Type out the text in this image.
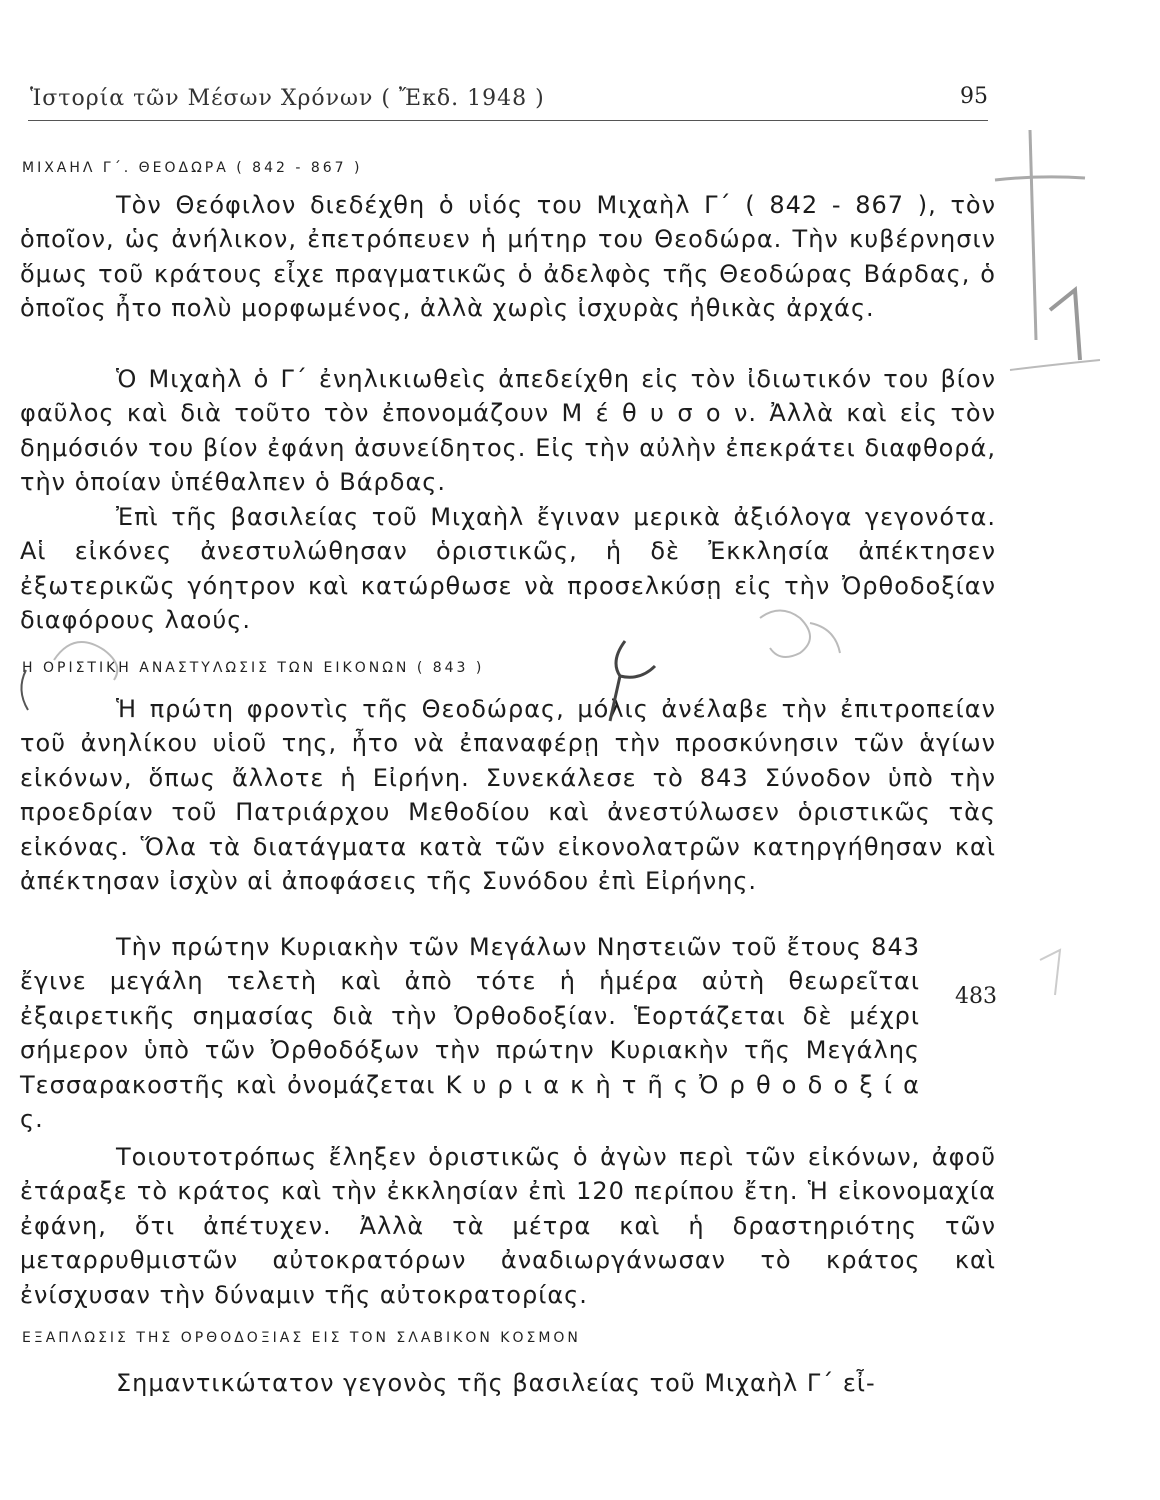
Ἱστορία τῶν Μέσων Χρόνων ( Ἔκδ. 1948 )	95
ΜΙΧΑΗΛ Γ΄. ΘΕΟΔΩΡΑ ( 842 - 867 )

Τὸν Θεόφιλον διεδέχθη ὁ υἱός του Μιχαὴλ Γ΄ ( 842 - 867 ), τὸν ὁποῖον, ὡς ἀνήλικον, ἐπετρόπευεν ἡ μήτηρ του Θεοδώρα. Τὴν κυβέρνησιν ὅμως τοῦ κράτους εἶχε πραγματικῶς ὁ ἀδελφὸς τῆς Θεοδώρας Βάρδας, ὁ ὁποῖος ἦτο πολὺ μορφωμένος, ἀλλὰ χωρὶς ἰσχυρὰς ἠθικὰς ἀρχάς.

Ὁ Μιχαὴλ ὁ Γ΄ ἐνηλικιωθεὶς ἀπεδείχθη εἰς τὸν ἰδιωτικόν του βίον φαῦλος καὶ διὰ τοῦτο τὸν ἐπονομάζουν Μ έ θ υ σ ο ν. Ἀλλὰ καὶ εἰς τὸν δημόσιόν του βίον ἐφάνη ἀσυνείδητος. Εἰς τὴν αὐλὴν ἐπεκράτει διαφθορά, τὴν ὁποίαν ὑπέθαλπεν ὁ Βάρδας.

Ἐπὶ τῆς βασιλείας τοῦ Μιχαὴλ ἔγιναν μερικὰ ἀξιόλογα γεγονότα. Αἱ εἰκόνες ἀνεστυλώθησαν ὁριστικῶς, ἡ δὲ Ἐκκλησία ἀπέκτησεν ἐξωτερικῶς γόητρον καὶ κατώρθωσε νὰ προσελκύσῃ εἰς τὴν Ὀρθοδοξίαν διαφόρους λαούς.

Η ΟΡΙΣΤΙΚΗ ΑΝΑΣΤΥΛΩΣΙΣ ΤΩΝ ΕΙΚΟΝΩΝ ( 843 )

Ἡ πρώτη φροντὶς τῆς Θεοδώρας, μόλις ἀνέλαβε τὴν ἐπιτροπείαν τοῦ ἀνηλίκου υἱοῦ της, ἦτο νὰ ἐπαναφέρῃ τὴν προσκύνησιν τῶν ἁγίων εἰκόνων, ὅπως ἄλλοτε ἡ Εἰρήνη. Συνεκάλεσε τὸ 843 Σύνοδον ὑπὸ τὴν προεδρίαν τοῦ Πατριάρχου Μεθοδίου καὶ ἀνεστύλωσεν ὁριστικῶς τὰς εἰκόνας. Ὅλα τὰ διατάγματα κατὰ τῶν εἰκονολατρῶν κατηργήθησαν καὶ ἀπέκτησαν ἰσχὺν αἱ ἀποφάσεις τῆς Συνόδου ἐπὶ Εἰρήνης.

Τὴν πρώτην Κυριακὴν τῶν Μεγάλων Νηστειῶν τοῦ ἔτους 843 ἔγινε μεγάλη τελετὴ καὶ ἀπὸ τότε ἡ ἡμέρα αὐτὴ θεωρεῖται ἐξαιρετικῆς σημασίας διὰ τὴν Ὀρθοδοξίαν. Ἑορτάζεται δὲ μέχρι σήμερον ὑπὸ τῶν Ὀρθοδόξων τὴν πρώτην Κυριακὴν τῆς Μεγάλης Τεσσαρακοστῆς καὶ ὀνομάζεται Κ υ ρ ι α κ ὴ τ ῆ ς Ὀ ρ θ ο δ ο ξ ί α ς.

483

Τοιουτοτρόπως ἔληξεν ὁριστικῶς ὁ ἀγὼν περὶ τῶν εἰκόνων, ἀφοῦ ἐτάραξε τὸ κράτος καὶ τὴν ἐκκλησίαν ἐπὶ 120 περίπου ἔτη. Ἡ εἰκονομαχία ἐφάνη, ὅτι ἀπέτυχεν. Ἀλλὰ τὰ μέτρα καὶ ἡ δραστηριότης τῶν μεταρρυθμιστῶν αὐτοκρατόρων ἀναδιωργάνωσαν τὸ κράτος καὶ ἐνίσχυσαν τὴν δύναμιν τῆς αὐτοκρατορίας.

ΕΞΑΠΛΩΣΙΣ ΤΗΣ ΟΡΘΟΔΟΞΙΑΣ ΕΙΣ ΤΟΝ ΣΛΑΒΙΚΟΝ ΚΟΣΜΟΝ

Σημαντικώτατον γεγονὸς τῆς βασιλείας τοῦ Μιχαὴλ Γ΄ εἶ-
